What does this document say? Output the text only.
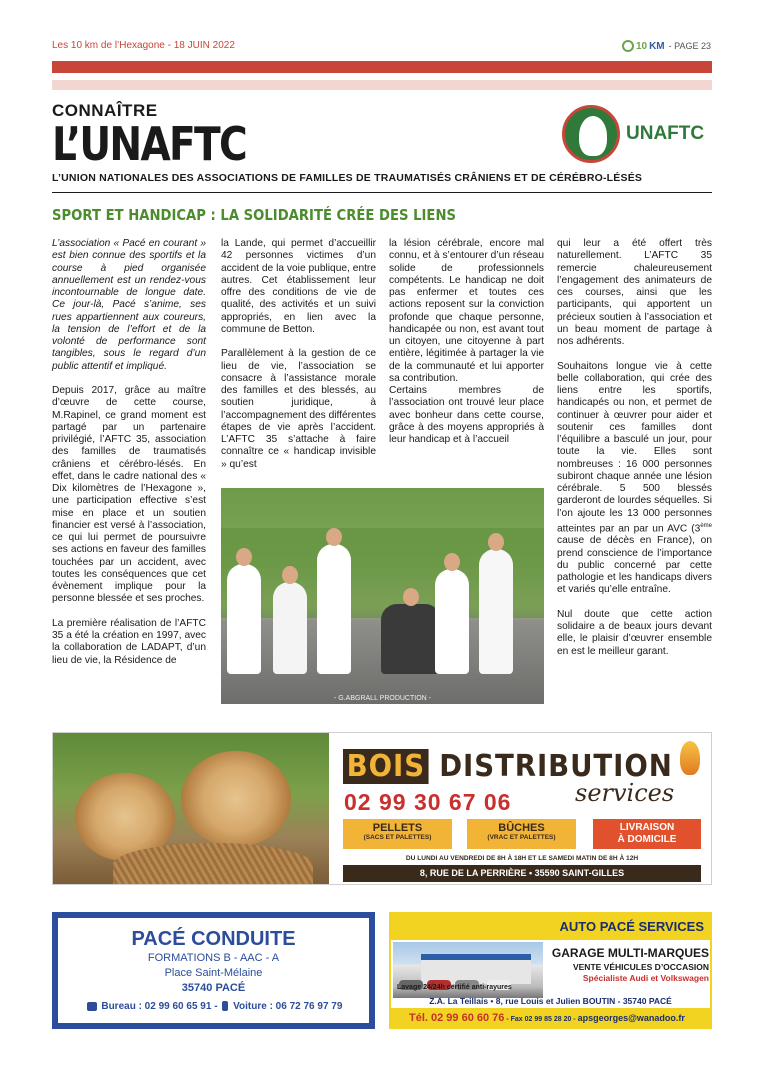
Les 10 km de l’Hexagone - 18 JUIN 2022	10 KM - PAGE 23
CONNAÎTRE
L’UNAFTC	UNAFTC
L’UNION NATIONALES DES ASSOCIATIONS DE FAMILLES DE TRAUMATISÉS CRÂNIENS ET DE CÉRÉBRO-LÉSÉS
SPORT ET HANDICAP : LA SOLIDARITÉ CRÉE DES LIENS

L’association « Pacé en courant » est bien connue des sportifs et la course à pied organisée annuellement est un rendez-vous incontournable de longue date. Ce jour-là, Pacé s’anime, ses rues appartiennent aux coureurs, la tension de l’effort et de la volonté de performance sont tangibles, sous le regard d’un public attentif et impliqué.

Depuis 2017, grâce au maître d’œuvre de cette course, M.Rapinel, ce grand moment est partagé par un partenaire privilégié, l’AFTC 35, association des familles de traumatisés crâniens et cérébro-lésés. En effet, dans le cadre national des « Dix kilomètres de l’Hexagone », une participation effective s’est mise en place et un soutien financier est versé à l’association, ce qui lui permet de poursuivre ses actions en faveur des familles touchées par un accident, avec toutes les conséquences que cet évènement implique pour la personne blessée et ses proches.

La première réalisation de l’AFTC 35 a été la création en 1997, avec la collaboration de LADAPT, d’un lieu de vie, la Résidence de

la Lande, qui permet d’accueillir 42 personnes victimes d’un accident de la voie publique, entre autres. Cet établissement leur offre des conditions de vie de qualité, des activités et un suivi appropriés, en lien avec la commune de Betton.

Parallèlement à la gestion de ce lieu de vie, l’association se consacre à l’assistance morale des familles et des blessés, au soutien juridique, à l’accompagnement des différentes étapes de vie après l’accident. L’AFTC 35 s’attache à faire connaître ce « handicap invisible » qu’est

la lésion cérébrale, encore mal connu, et à s’entourer d’un réseau solide de professionnels compétents. Le handicap ne doit pas enfermer et toutes ces actions reposent sur la conviction profonde que chaque personne, handicapée ou non, est avant tout un citoyen, une citoyenne à part entière, légitimée à partager la vie de la communauté et lui apporter sa contribution.

Certains membres de l’association ont trouvé leur place avec bonheur dans cette course, grâce à des moyens appropriés à leur handicap et à l’accueil

qui leur a été offert très naturellement. L’AFTC 35 remercie chaleureusement l’engagement des animateurs de ces courses, ainsi que les participants, qui apportent un précieux soutien à l’association et un beau moment de partage à nos adhérents.

Souhaitons longue vie à cette belle collaboration, qui crée des liens entre les sportifs, handicapés ou non, et permet de continuer à œuvrer pour aider et soutenir ces familles dont l’équilibre a basculé un jour, pour toute la vie. Elles sont nombreuses : 16 000 personnes subiront chaque année une lésion cérébrale. 5 500 blessés garderont de lourdes séquelles. Si l’on ajoute les 13 000 personnes atteintes par an par un AVC (3ème cause de décès en France), on prend conscience de l’importance du public concerné par cette pathologie et les handicaps divers et variés qu’elle entraîne.

Nul doute que cette action solidaire a de beaux jours devant elle, le plaisir d’œuvrer ensemble en est le meilleur garant.

- G.ABGRALL PRODUCTION -
BOIS DISTRIBUTION
02 99 30 67 06	services
PELLETS
(SACS ET PALETTES)
BÛCHES
(VRAC ET PALETTES)
LIVRAISON
À DOMICILE
DU LUNDI AU VENDREDI DE 8H À 18H ET LE SAMEDI MATIN DE 8H À 12H
8, RUE DE LA PERRIÈRE • 35590 SAINT-GILLES
PACÉ CONDUITE
FORMATIONS B - AAC - A
Place Saint-Mélaine
35740 PACÉ
Bureau : 02 99 60 65 91 - Voiture : 06 72 76 97 79
AUTO PACÉ SERVICES
GARAGE MULTI-MARQUES
VENTE VÉHICULES D’OCCASION
Spécialiste Audi et Volkswagen
Lavage 24/24h certifié anti-rayures
Z.A. La Teillais • 8, rue Louis et Julien BOUTIN - 35740 PACÉ
Tél. 02 99 60 60 76 - Fax 02 99 85 28 20 - apsgeorges@wanadoo.fr
